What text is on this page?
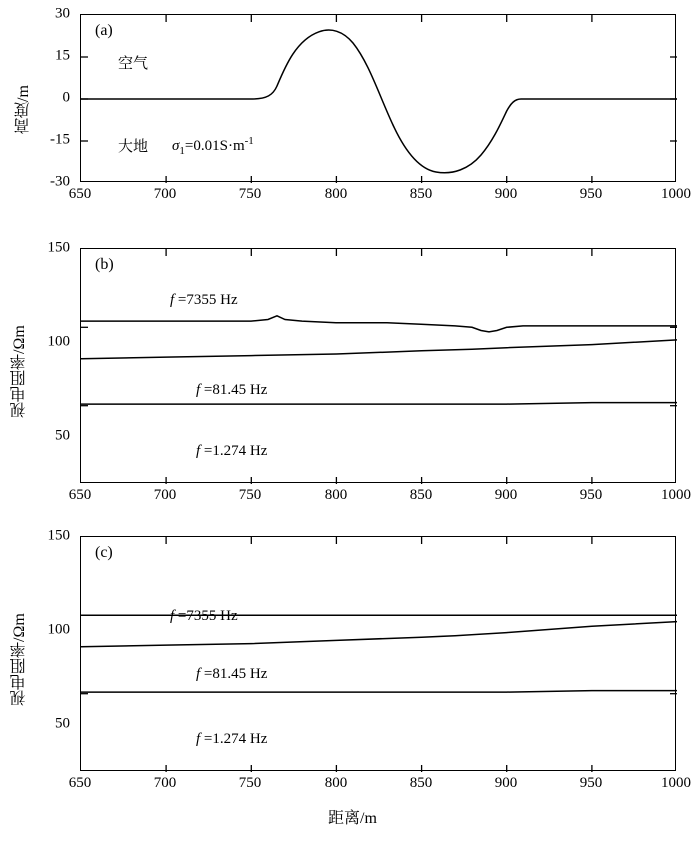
高度/m
30
15
0
-15
-30
650	700	750	800	850	900	950	1000
(a)
空气
大地 $\sigma_1=0.01S\cdot m^{-1}$
视电阻率/Ωm
150
100
50
650	700	750	800	850	900	950	1000
(b)
f =7355 Hz
f =81.45 Hz
f =1.274 Hz
视电阻率/Ωm
150
100
50
650	700	750	800	850	900	950	1000
(c)
f =7355 Hz
f =81.45 Hz
f =1.274 Hz
距离/m
